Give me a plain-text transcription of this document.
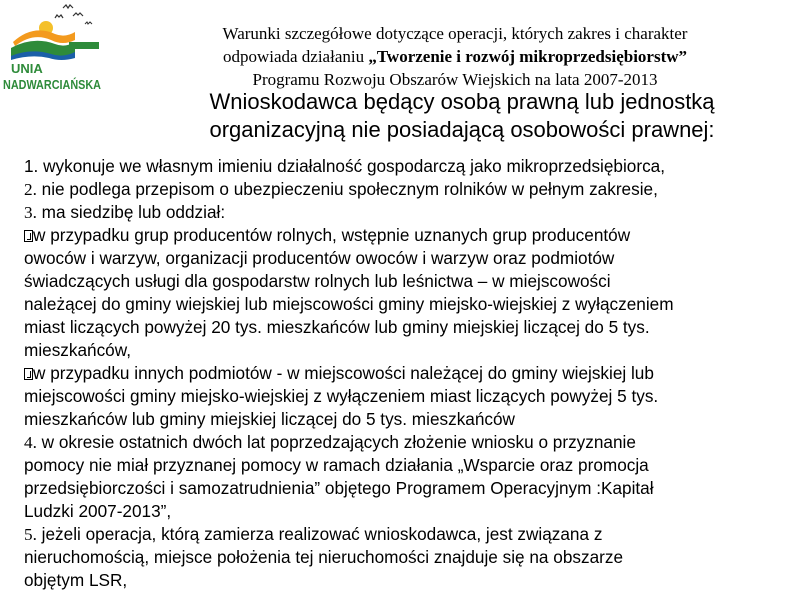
UNIA
NADWARCIAŃSKA
Warunki szczegółowe dotyczące operacji, których zakres i charakter
odpowiada działaniu „Tworzenie i rozwój mikroprzedsiębiorstw”
Programu Rozwoju Obszarów Wiejskich na lata 2007-2013
Wnioskodawca będący osobą prawną lub jednostką
organizacyjną nie posiadającą osobowości prawnej:
1. wykonuje we własnym imieniu działalność gospodarczą jako mikroprzedsiębiorca,
2. nie podlega przepisom o ubezpieczeniu społecznym rolników w pełnym zakresie,
3. ma siedzibę lub oddział:
w przypadku grup producentów rolnych, wstępnie uznanych grup producentów
owoców i warzyw, organizacji producentów owoców i warzyw oraz podmiotów
świadczących usługi dla gospodarstw rolnych lub leśnictwa – w miejscowości
należącej do gminy wiejskiej lub miejscowości gminy miejsko-wiejskiej z wyłączeniem
miast liczących powyżej 20 tys. mieszkańców lub gminy miejskiej liczącej do 5 tys.
mieszkańców,
w przypadku innych podmiotów - w miejscowości należącej do gminy wiejskiej lub
miejscowości gminy miejsko-wiejskiej z wyłączeniem miast liczących powyżej 5 tys.
mieszkańców lub gminy miejskiej liczącej do 5 tys. mieszkańców
4. w okresie ostatnich dwóch lat poprzedzających złożenie wniosku o przyznanie
pomocy nie miał przyznanej pomocy w ramach działania „Wsparcie oraz promocja
przedsiębiorczości i samozatrudnienia” objętego Programem Operacyjnym :Kapitał
Ludzki 2007-2013”,
5. jeżeli operacja, którą zamierza realizować wnioskodawca, jest związana z
nieruchomością, miejsce położenia tej nieruchomości znajduje się na obszarze
objętym LSR,
